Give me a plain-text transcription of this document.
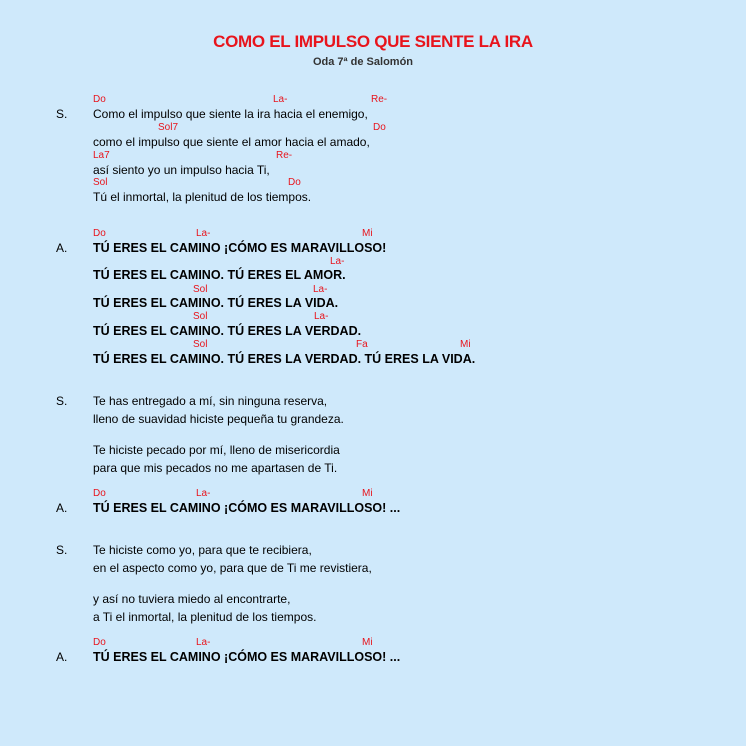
COMO EL IMPULSO QUE SIENTE LA IRA
Oda 7ª de Salomón
Do	La-	Re-
S. Como el impulso que siente la ira hacia el enemigo,
Sol7	Do
como el impulso que siente el amor hacia el amado,
La7	Re-
así siento yo un impulso hacia Ti,
Sol	Do
Tú el inmortal, la plenitud de los tiempos.
Do	La-	Mi
A. TÚ ERES EL CAMINO ¡CÓMO ES MARAVILLOSO!
La-
TÚ ERES EL CAMINO. TÚ ERES EL AMOR.
Sol	La-
TÚ ERES EL CAMINO. TÚ ERES LA VIDA.
Sol	La-
TÚ ERES EL CAMINO. TÚ ERES LA VERDAD.
Sol	Fa	Mi
TÚ ERES EL CAMINO. TÚ ERES LA VERDAD. TÚ ERES LA VIDA.
S. Te has entregado a mí, sin ninguna reserva,
lleno de suavidad hiciste pequeña tu grandeza.
Te hiciste pecado por mí, lleno de misericordia
para que mis pecados no me apartasen de Ti.
Do	La-	Mi
A. TÚ ERES EL CAMINO ¡CÓMO ES MARAVILLOSO! ...
S. Te hiciste como yo, para que te recibiera,
en el aspecto como yo, para que de Ti me revistiera,
y así no tuviera miedo al encontrarte,
a Ti el inmortal, la plenitud de los tiempos.
Do	La-	Mi
A. TÚ ERES EL CAMINO ¡CÓMO ES MARAVILLOSO! ...
